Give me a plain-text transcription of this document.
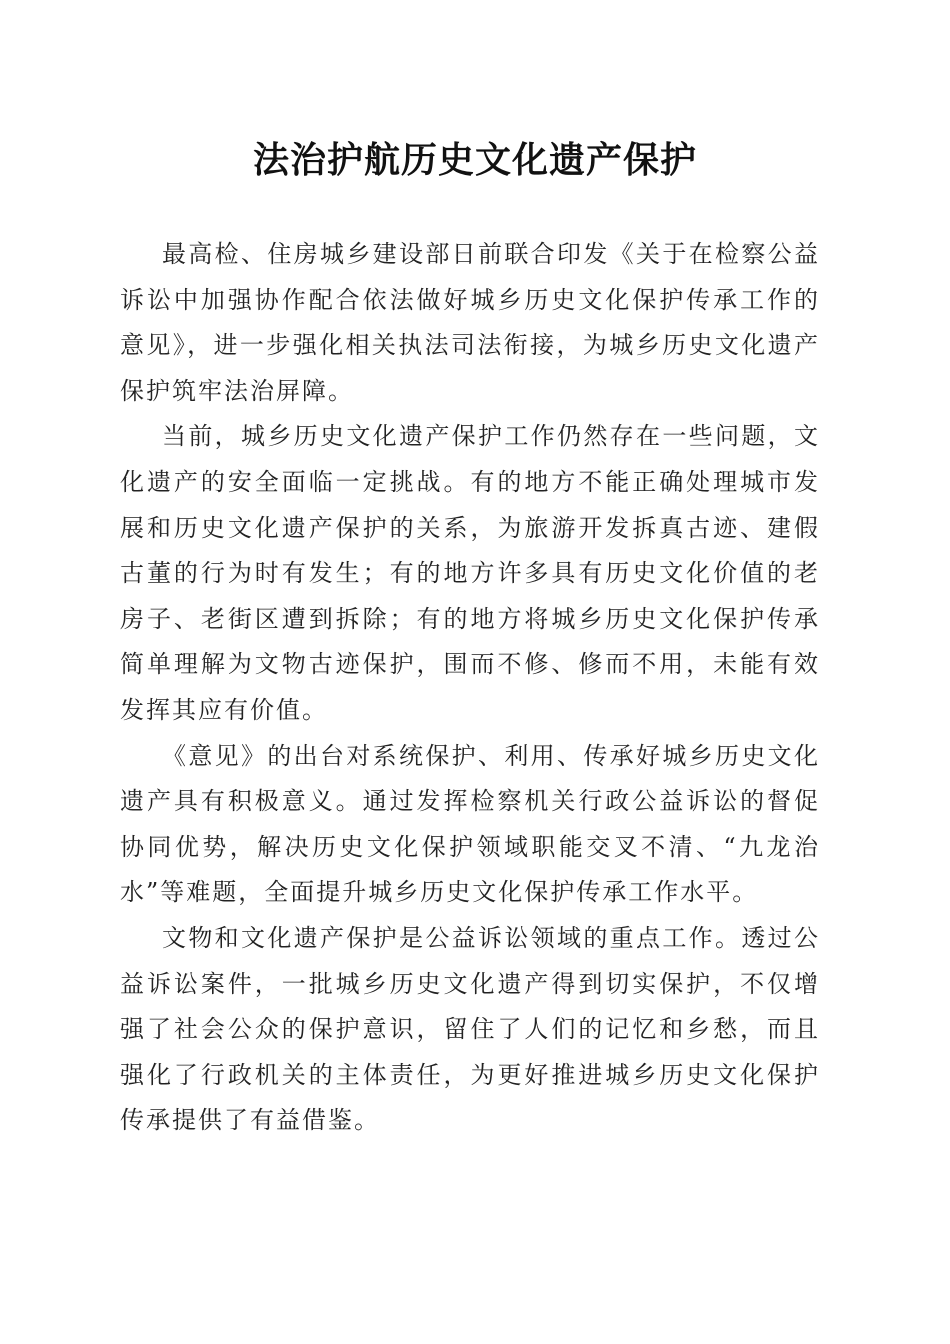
法治护航历史文化遗产保护

最高检、住房城乡建设部日前联合印发《关于在检察公益诉讼中加强协作配合依法做好城乡历史文化保护传承工作的意见》，进一步强化相关执法司法衔接，为城乡历史文化遗产保护筑牢法治屏障。

当前，城乡历史文化遗产保护工作仍然存在一些问题，文化遗产的安全面临一定挑战。有的地方不能正确处理城市发展和历史文化遗产保护的关系，为旅游开发拆真古迹、建假古董的行为时有发生；有的地方许多具有历史文化价值的老房子、老街区遭到拆除；有的地方将城乡历史文化保护传承简单理解为文物古迹保护，围而不修、修而不用，未能有效发挥其应有价值。

《意见》的出台对系统保护、利用、传承好城乡历史文化遗产具有积极意义。通过发挥检察机关行政公益诉讼的督促协同优势，解决历史文化保护领域职能交叉不清、“九龙治水”等难题，全面提升城乡历史文化保护传承工作水平。

文物和文化遗产保护是公益诉讼领域的重点工作。透过公益诉讼案件，一批城乡历史文化遗产得到切实保护，不仅增强了社会公众的保护意识，留住了人们的记忆和乡愁，而且强化了行政机关的主体责任，为更好推进城乡历史文化保护传承提供了有益借鉴。
